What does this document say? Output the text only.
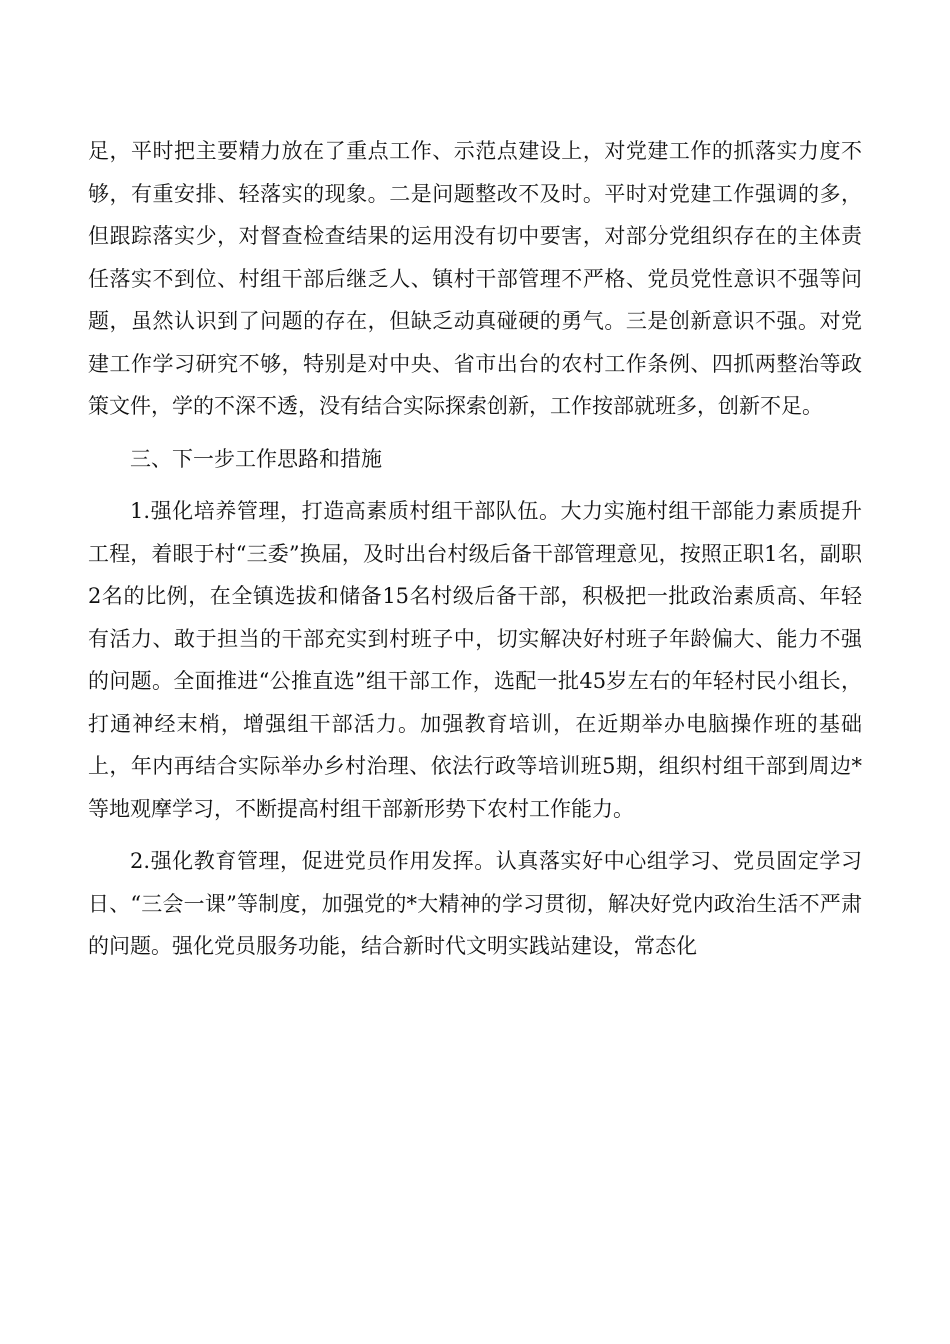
足，平时把主要精力放在了重点工作、示范点建设上，对党建工作的抓落实力度不够，有重安排、轻落实的现象。二是问题整改不及时。平时对党建工作强调的多，但跟踪落实少，对督查检查结果的运用没有切中要害，对部分党组织存在的主体责任落实不到位、村组干部后继乏人、镇村干部管理不严格、党员党性意识不强等问题，虽然认识到了问题的存在，但缺乏动真碰硬的勇气。三是创新意识不强。对党建工作学习研究不够，特别是对中央、省市出台的农村工作条例、四抓两整治等政策文件，学的不深不透，没有结合实际探索创新，工作按部就班多，创新不足。

三、下一步工作思路和措施

1.强化培养管理，打造高素质村组干部队伍。大力实施村组干部能力素质提升工程，着眼于村“三委”换届，及时出台村级后备干部管理意见，按照正职1名，副职2名的比例，在全镇选拔和储备15名村级后备干部，积极把一批政治素质高、年轻有活力、敢于担当的干部充实到村班子中，切实解决好村班子年龄偏大、能力不强的问题。全面推进“公推直选”组干部工作，选配一批45岁左右的年轻村民小组长，打通神经末梢，增强组干部活力。加强教育培训，在近期举办电脑操作班的基础上，年内再结合实际举办乡村治理、依法行政等培训班5期，组织村组干部到周边*等地观摩学习，不断提高村组干部新形势下农村工作能力。

2.强化教育管理，促进党员作用发挥。认真落实好中心组学习、党员固定学习日、“三会一课”等制度，加强党的*大精神的学习贯彻，解决好党内政治生活不严肃的问题。强化党员服务功能，结合新时代文明实践站建设，常态化
